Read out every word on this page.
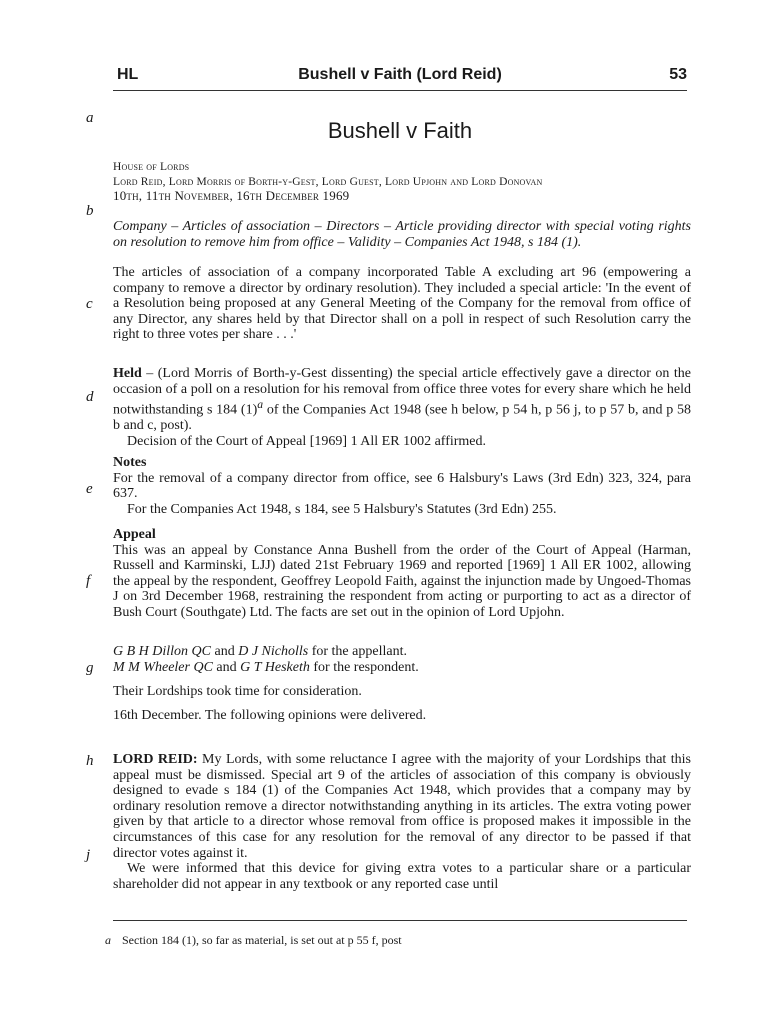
HL	Bushell v Faith (Lord Reid)	53
a
b
c
d
e
f
g
h
j
Bushell v Faith
House of Lords
Lord Reid, Lord Morris of Borth-y-Gest, Lord Guest, Lord Upjohn and Lord Donovan
10th, 11th November, 16th December 1969

Company – Articles of association – Directors – Article providing director with special voting rights on resolution to remove him from office – Validity – Companies Act 1948, s 184 (1).

The articles of association of a company incorporated Table A excluding art 96 (empowering a company to remove a director by ordinary resolution). They included a special article: 'In the event of a Resolution being proposed at any General Meeting of the Company for the removal from office of any Director, any shares held by that Director shall on a poll in respect of such Resolution carry the right to three votes per share . . .'

Held – (Lord Morris of Borth-y-Gest dissenting) the special article effectively gave a director on the occasion of a poll on a resolution for his removal from office three votes for every share which he held notwithstanding s 184 $(1)^a$ of the Companies Act 1948 (see h below, p 54 h, p 56 j, to p 57 b, and p 58 b and c, post).

Decision of the Court of Appeal [1969] 1 All ER 1002 affirmed.

Notes

For the removal of a company director from office, see 6 Halsbury's Laws (3rd Edn) 323, 324, para 637.

For the Companies Act 1948, s 184, see 5 Halsbury's Statutes (3rd Edn) 255.

Appeal

This was an appeal by Constance Anna Bushell from the order of the Court of Appeal (Harman, Russell and Karminski, LJJ) dated 21st February 1969 and reported [1969] 1 All ER 1002, allowing the appeal by the respondent, Geoffrey Leopold Faith, against the injunction made by Ungoed-Thomas J on 3rd December 1968, restraining the respondent from acting or purporting to act as a director of Bush Court (Southgate) Ltd. The facts are set out in the opinion of Lord Upjohn.

G B H Dillon QC and D J Nicholls for the appellant.
M M Wheeler QC and G T Hesketh for the respondent.

Their Lordships took time for consideration.

16th December. The following opinions were delivered.

LORD REID: My Lords, with some reluctance I agree with the majority of your Lordships that this appeal must be dismissed. Special art 9 of the articles of association of this company is obviously designed to evade s 184 (1) of the Companies Act 1948, which provides that a company may by ordinary resolution remove a director notwithstanding anything in its articles. The extra voting power given by that article to a director whose removal from office is proposed makes it impossible in the circumstances of this case for any resolution for the removal of any director to be passed if that director votes against it.

We were informed that this device for giving extra votes to a particular share or a particular shareholder did not appear in any textbook or any reported case until

a Section 184 (1), so far as material, is set out at p 55 f, post
